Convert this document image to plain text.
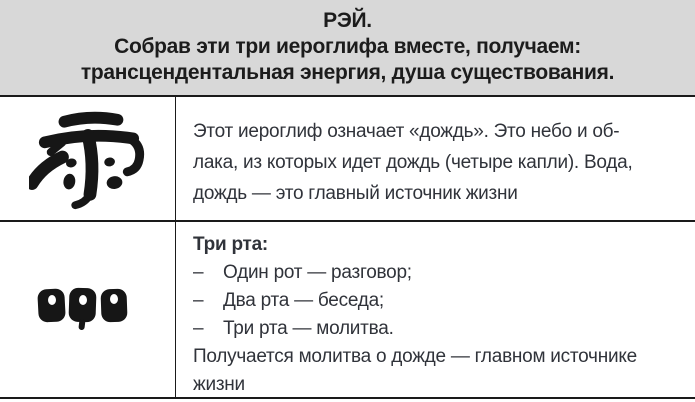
РЭЙ.
Собрав эти три иероглифа вместе, получаем:
трансцендентальная энергия, душа существования.
Этот иероглиф означает «дождь». Это небо и об-
лака, из которых идет дождь (четыре капли). Вода,
дождь — это главный источник жизни
Три рта:
–	Один рот — разговор;
–	Два рта — беседа;
–	Три рта — молитва.
Получается молитва о дожде — главном источнике
жизни
